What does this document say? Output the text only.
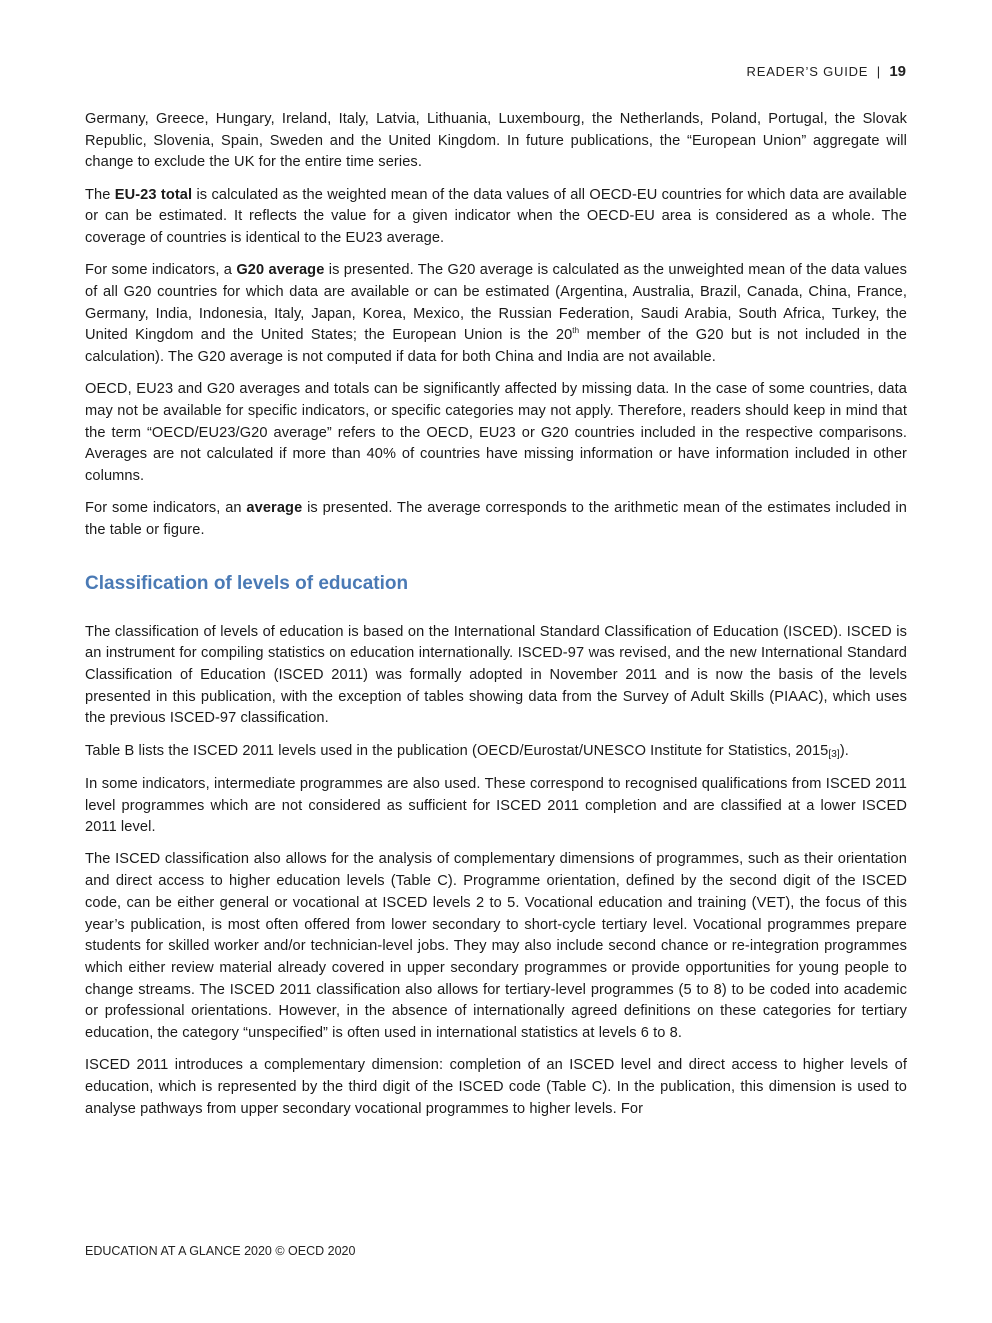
READER’S GUIDE | 19

Germany, Greece, Hungary, Ireland, Italy, Latvia, Lithuania, Luxembourg, the Netherlands, Poland, Portugal, the Slovak Republic, Slovenia, Spain, Sweden and the United Kingdom. In future publications, the “European Union” aggregate will change to exclude the UK for the entire time series.

The EU-23 total is calculated as the weighted mean of the data values of all OECD-EU countries for which data are available or can be estimated. It reflects the value for a given indicator when the OECD-EU area is considered as a whole. The coverage of countries is identical to the EU23 average.

For some indicators, a G20 average is presented. The G20 average is calculated as the unweighted mean of the data values of all G20 countries for which data are available or can be estimated (Argentina, Australia, Brazil, Canada, China, France, Germany, India, Indonesia, Italy, Japan, Korea, Mexico, the Russian Federation, Saudi Arabia, South Africa, Turkey, the United Kingdom and the United States; the European Union is the 20th member of the G20 but is not included in the calculation). The G20 average is not computed if data for both China and India are not available.

OECD, EU23 and G20 averages and totals can be significantly affected by missing data. In the case of some countries, data may not be available for specific indicators, or specific categories may not apply. Therefore, readers should keep in mind that the term “OECD/EU23/G20 average” refers to the OECD, EU23 or G20 countries included in the respective comparisons. Averages are not calculated if more than 40% of countries have missing information or have information included in other columns.

For some indicators, an average is presented. The average corresponds to the arithmetic mean of the estimates included in the table or figure.

Classification of levels of education

The classification of levels of education is based on the International Standard Classification of Education (ISCED). ISCED is an instrument for compiling statistics on education internationally. ISCED-97 was revised, and the new International Standard Classification of Education (ISCED 2011) was formally adopted in November 2011 and is now the basis of the levels presented in this publication, with the exception of tables showing data from the Survey of Adult Skills (PIAAC), which uses the previous ISCED-97 classification.

Table B lists the ISCED 2011 levels used in the publication (OECD/Eurostat/UNESCO Institute for Statistics, 2015[3]).

In some indicators, intermediate programmes are also used. These correspond to recognised qualifications from ISCED 2011 level programmes which are not considered as sufficient for ISCED 2011 completion and are classified at a lower ISCED 2011 level.

The ISCED classification also allows for the analysis of complementary dimensions of programmes, such as their orientation and direct access to higher education levels (Table C). Programme orientation, defined by the second digit of the ISCED code, can be either general or vocational at ISCED levels 2 to 5. Vocational education and training (VET), the focus of this year’s publication, is most often offered from lower secondary to short-cycle tertiary level. Vocational programmes prepare students for skilled worker and/or technician-level jobs. They may also include second chance or re-integration programmes which either review material already covered in upper secondary programmes or provide opportunities for young people to change streams. The ISCED 2011 classification also allows for tertiary-level programmes (5 to 8) to be coded into academic or professional orientations. However, in the absence of internationally agreed definitions on these categories for tertiary education, the category “unspecified” is often used in international statistics at levels 6 to 8.

ISCED 2011 introduces a complementary dimension: completion of an ISCED level and direct access to higher levels of education, which is represented by the third digit of the ISCED code (Table C). In the publication, this dimension is used to analyse pathways from upper secondary vocational programmes to higher levels. For

EDUCATION AT A GLANCE 2020 © OECD 2020
